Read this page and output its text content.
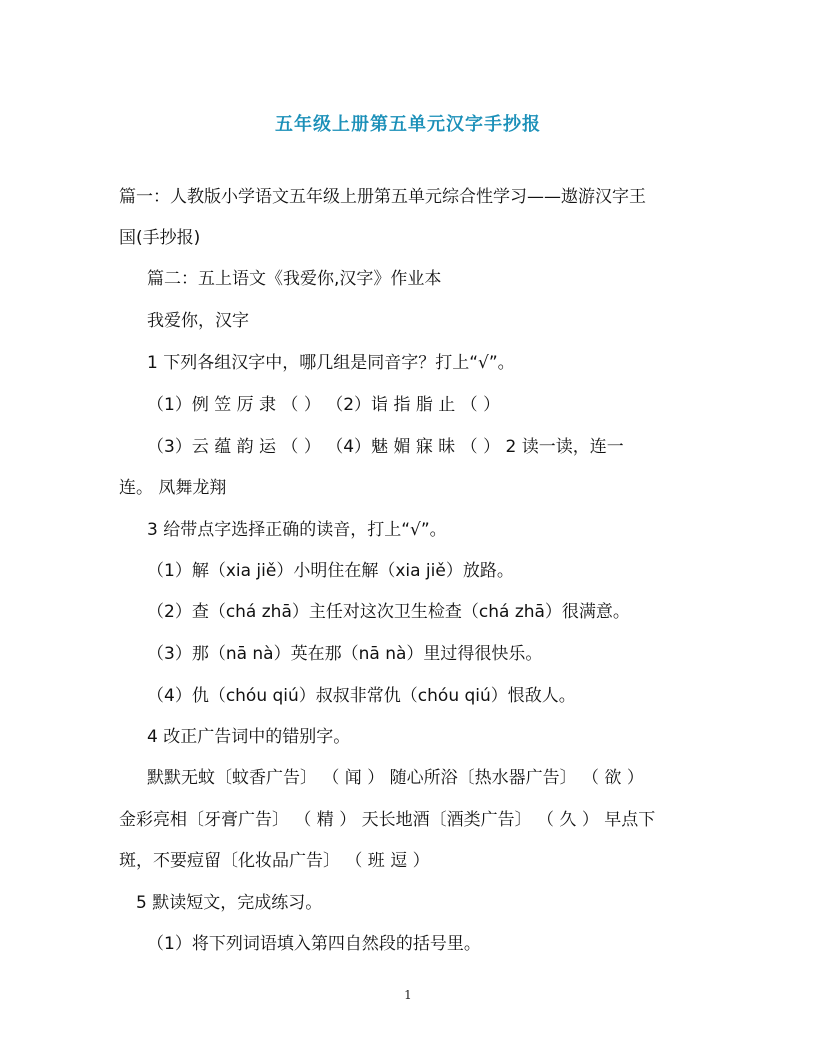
五年级上册第五单元汉字手抄报
篇一：人教版小学语文五年级上册第五单元综合性学习——遨游汉字王
国(手抄报)
篇二：五上语文《我爱你,汉字》作业本
我爱你，汉字
1 下列各组汉字中，哪几组是同音字？打上“√”。
（1）例 笠 厉 隶 （ ） （2）诣 指 脂 止 （ ）
（3）云 蕴 韵 运 （ ） （4）魅 媚 寐 昧 （ ） 2 读一读，连一
连。 凤舞龙翔
3 给带点字选择正确的读音，打上“√”。
（1）解（xia jiě）小明住在解（xia jiě）放路。
（2）查（chá zhā）主任对这次卫生检查（chá zhā）很满意。
（3）那（nā nà）英在那（nā nà）里过得很快乐。
（4）仇（chóu qiú）叔叔非常仇（chóu qiú）恨敌人。
4 改正广告词中的错别字。
默默无蚊〔蚊香广告〕 （ 闻 ） 随心所浴〔热水器广告〕 （ 欲 ）
金彩亮相〔牙膏广告〕 （ 精 ） 天长地酒〔酒类广告〕 （ 久 ） 早点下
斑，不要痘留〔化妆品广告〕 （ 班 逗 ）
5 默读短文，完成练习。
（1）将下列词语填入第四自然段的括号里。
1
